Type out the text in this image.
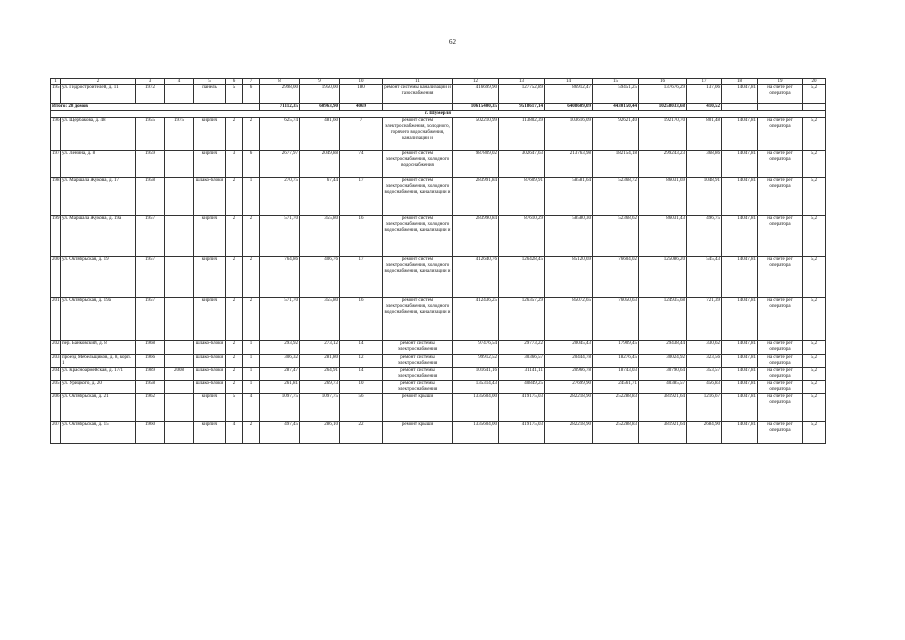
62
1	2	3	4	5	6	7	8	9	10	11	12	13	14	15	16	17	18	19	20
195	ул. Гидростроителей, д. 11	1972		панель	5	6	2998,00	1950,00	180	ремонт системы канализации и газоснабжения	416699,90	127752,89	86912,47	59451,25	137676,29	137,06	14047,81	на счете рег оператора	5,2
Итого: 28 домов							71112,35	60963,90	4069		10615400,35	9518617,14	6408609,09	4430150,44	10258033,68	410,52			
г. Шумерля																			
196	ул. Щербакова, д. 48	1955	1975	кирпич	2	2	625,74	481,60	7	ремонт систем электроснабжения, холодного, горячего водоснабжения, канализации и	502210,99	113802,39	103616,09	92621,40	192170,70	801,48	14047,81	на счете рег оператора	5,2
197	ул. Ленина, д. 8	1959		кирпич	3	6	2677,97	2049,88	74	ремонт систем электроснабжения, холодного водоснабжения	987809,02	302647,63	213763,98	182154,18	299243,23	368,86	14047,81	на счете рег оператора	5,2
198	ул. Маршала Жукова, д. 17	1958		шлако-блоки	2	1	270,75	67,44	17	ремонт систем электроснабжения, холодного водоснабжения, канализации и	283991,84	87609,91	58581,64	52368,72	86031,69	1048,91	14047,81	на счете рег оператора	5,2
199	ул. Маршала Жукова, д. 19а	1957		кирпич	2	2	571,70	355,80	16	ремонт систем электроснабжения, холодного водоснабжения, канализации и	283990,84	87610,29	58580,30	52368,62	86031,43	496,75	14047,81	на счете рег оператора	5,2
200	ул. Октябрьская, д. 19	1957		кирпич	2	2	764,86	406,76	17	ремонт систем электроснабжения, холодного водоснабжения, канализации и	412640,76	126428,45	85120,69	76604,02	125086,20	545,43	14047,81	на счете рег оператора	5,2
201	ул. Октябрьская, д. 19а	1957		кирпич	2	2	571,70	355,80	16	ремонт систем электроснабжения, холодного водоснабжения, канализации и	412436,25	126357,29	85072,65	76050,63	124935,68	721,39	14047,81	на счете рег оператора	5,2
202	пер. Банковский, д. 8	1968		шлако-блоки	2	1	293,92	273,12	14	ремонт системы электроснабжения	97476,54	29773,22	20045,43	17909,45	29438,44	330,62	14047,81	на счете рег оператора	5,2
203	проезд Мебельщиков, д. 8, корп. 1	1966		шлако-блоки	2	1	306,32	281,80	12	ремонт системы электроснабжения	99912,52	30366,57	20444,78	18276,45	30024,92	323,56	14047,81	на счете рег оператора	5,2
204	ул. Красноармейская, д. 17/1	1989	2008	шлако-блоки	2	1	287,47	264,91	14	ремонт системы электроснабжения	101641,16	31141,11	20966,78	18743,03	30790,64	353,57	14047,81	на счете рег оператора	5,2
205	ул. Урицкого, д. 20	1958		шлако-блоки	2	1	261,81	269,73	10	ремонт системы электроснабжения	135314,43	40849,25	27699,90	24561,71	40385,57	456,83	14047,81	на счете рег оператора	5,2
206	ул. Октябрьская, д. 21	1962		кирпич	5	4	1097,75	1097,75	56	ремонт крыши	1335604,00	419175,03	282218,90	252288,83	381921,64	1216,67	14047,81	на счете рег оператора	5,2
207	ул. Октябрьская, д. 15	1960		кирпич	4	2	497,45	286,10	22	ремонт крыши	1335604,00	419175,03	282218,90	252288,83	381921,64	2684,90	14047,81	на счете рег оператора	5,2
